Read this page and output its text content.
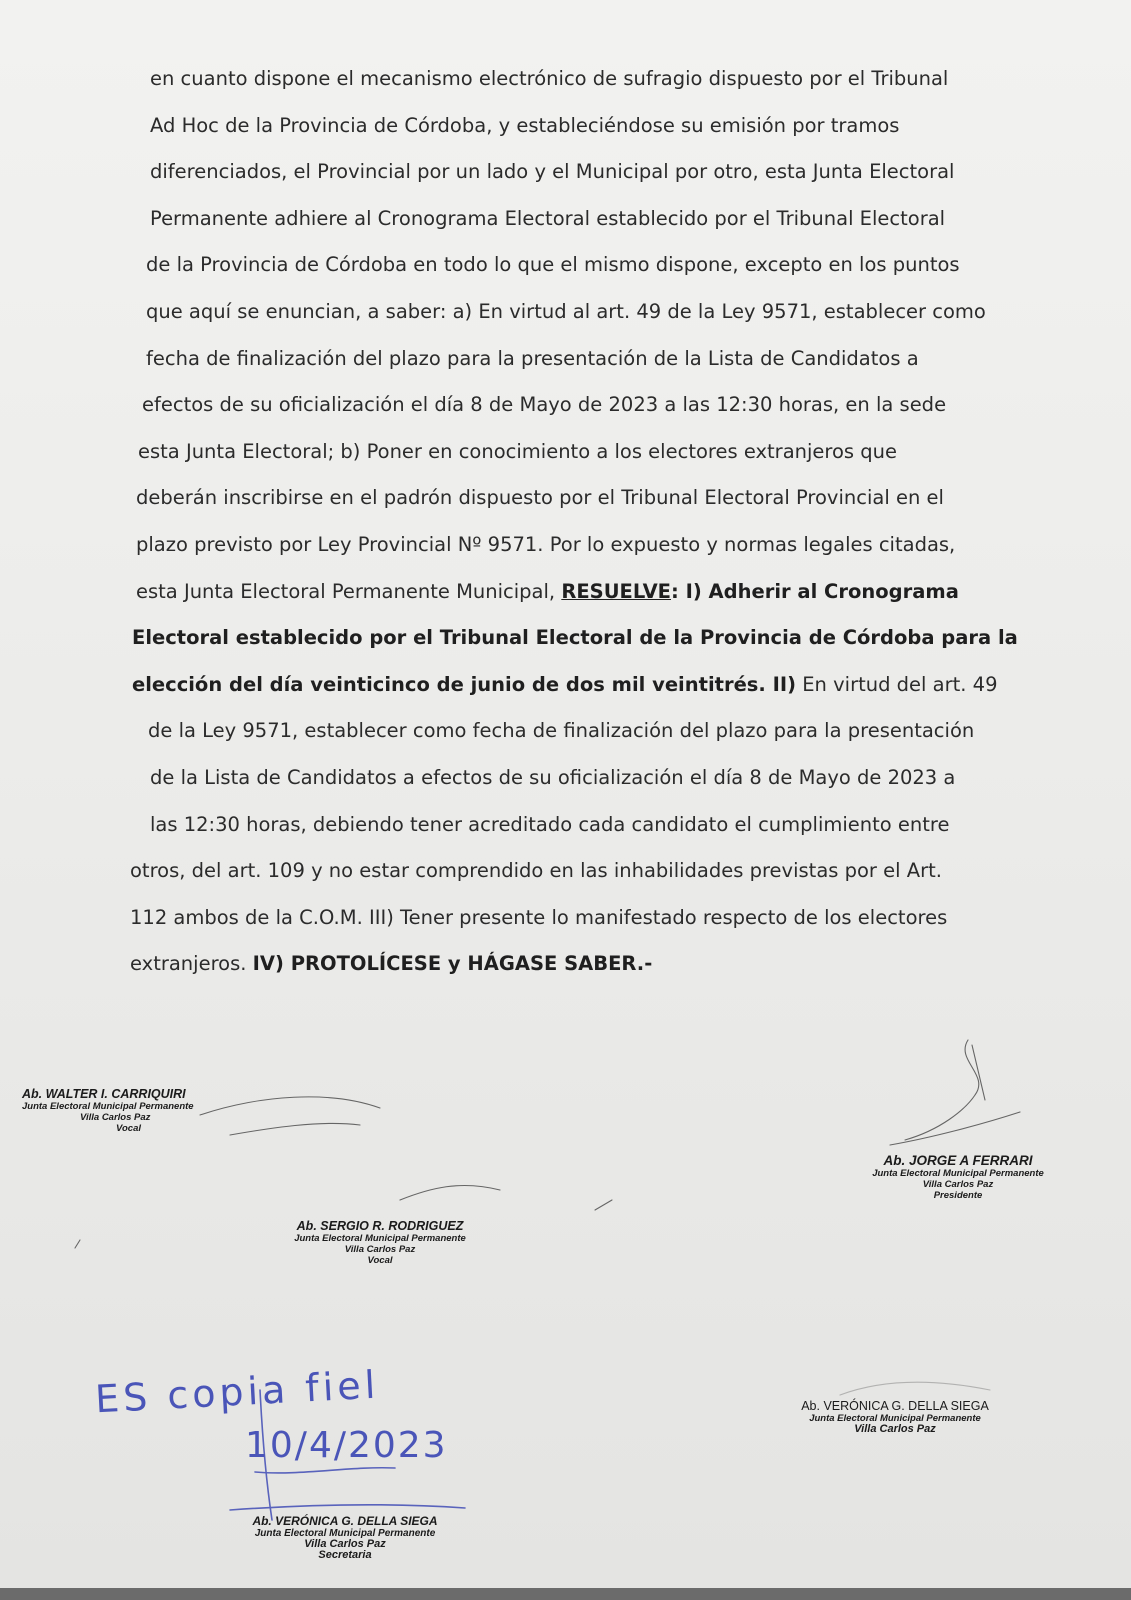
en cuanto dispone el mecanismo electrónico de sufragio dispuesto por el Tribunal
Ad Hoc de la Provincia de Córdoba, y estableciéndose su emisión por tramos
diferenciados, el Provincial por un lado y el Municipal por otro, esta Junta Electoral
Permanente adhiere al Cronograma Electoral establecido por el Tribunal Electoral
de la Provincia de Córdoba en todo lo que el mismo dispone, excepto en los puntos
que aquí se enuncian, a saber: a) En virtud al art. 49 de la Ley 9571, establecer como
fecha de finalización del plazo para la presentación de la Lista de Candidatos a
efectos de su oficialización el día 8 de Mayo de 2023 a las 12:30 horas, en la sede
esta Junta Electoral; b) Poner en conocimiento a los electores extranjeros que
deberán inscribirse en el padrón dispuesto por el Tribunal Electoral Provincial en el
plazo previsto por Ley Provincial Nº 9571. Por lo expuesto y normas legales citadas,
esta Junta Electoral Permanente Municipal, RESUELVE: I) Adherir al Cronograma
Electoral establecido por el Tribunal Electoral de la Provincia de Córdoba para la
elección del día veinticinco de junio de dos mil veintitrés. II) En virtud del art. 49
de la Ley 9571, establecer como fecha de finalización del plazo para la presentación
de la Lista de Candidatos a efectos de su oficialización el día 8 de Mayo de 2023 a
las 12:30 horas, debiendo tener acreditado cada candidato el cumplimiento entre
otros, del art. 109 y no estar comprendido en las inhabilidades previstas por el Art.
112 ambos de la C.O.M. III) Tener presente lo manifestado respecto de los electores
extranjeros. IV) PROTOLÍCESE y HÁGASE SABER.-
Ab. WALTER I. CARRIQUIRI
Junta Electoral Municipal Permanente
Villa Carlos Paz
Vocal
Ab. SERGIO R. RODRIGUEZ
Junta Electoral Municipal Permanente
Villa Carlos Paz
Vocal
Ab. JORGE A FERRARI
Junta Electoral Municipal Permanente
Villa Carlos Paz
Presidente
Ab. VERÓNICA G. DELLA SIEGA
Junta Electoral Municipal Permanente
Villa Carlos Paz
Ab. VERÓNICA G. DELLA SIEGA
Junta Electoral Municipal Permanente
Villa Carlos Paz
Secretaria
ES copia fiel
10/4/2023
